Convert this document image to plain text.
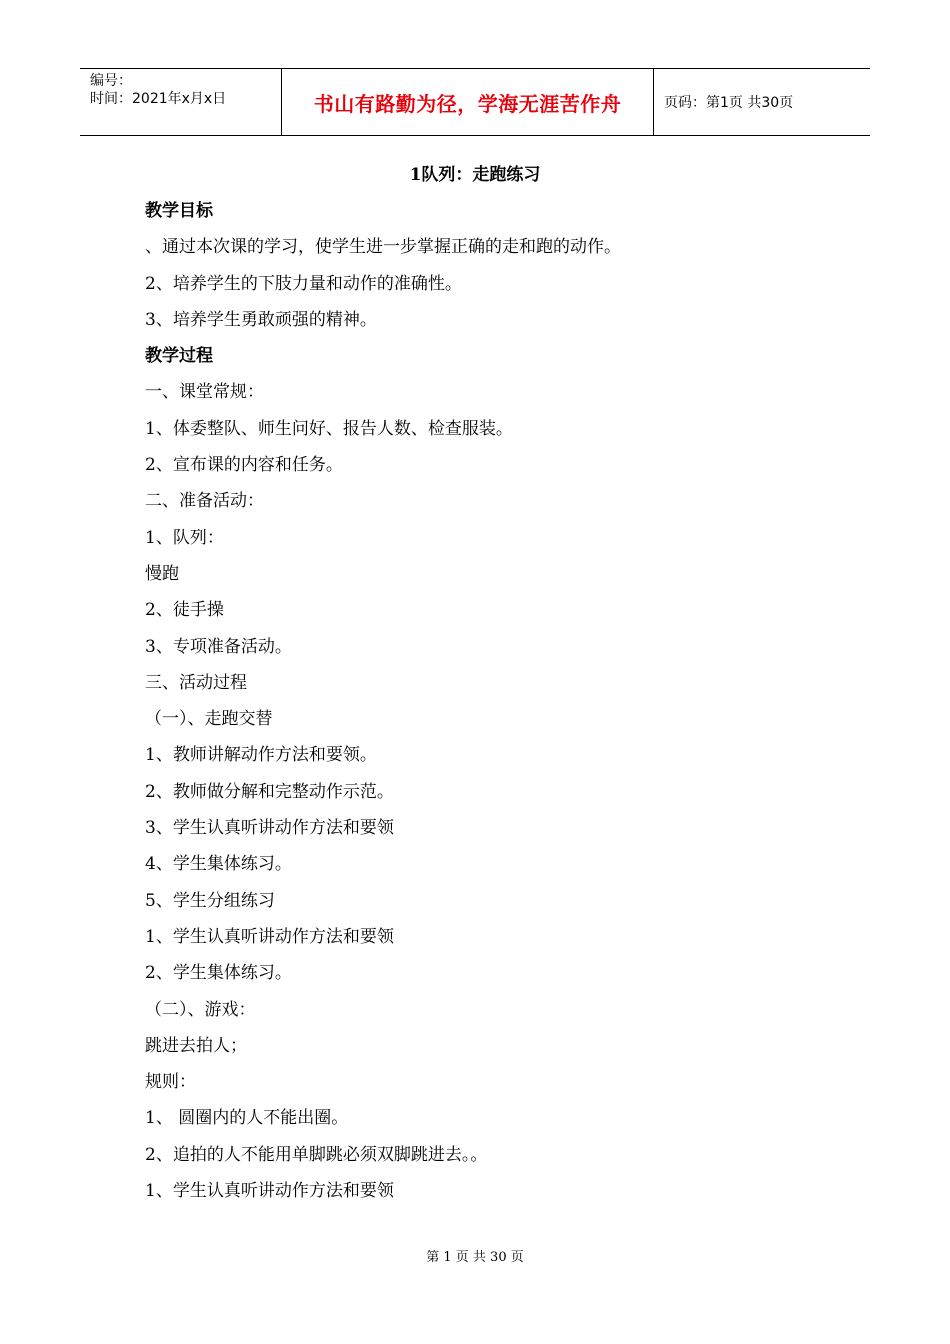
编号：
时间：2021年x月x日	书山有路勤为径，学海无涯苦作舟	页码：第1页 共30页
1队列：走跑练习
教学目标
、通过本次课的学习，使学生进一步掌握正确的走和跑的动作。
2、培养学生的下肢力量和动作的准确性。
3、培养学生勇敢顽强的精神。
教学过程
一、课堂常规：
1、体委整队、师生问好、报告人数、检查服装。
2、宣布课的内容和任务。
二、准备活动：
1、队列：
慢跑
2、徒手操
3、专项准备活动。
三、活动过程
（一）、走跑交替
1、教师讲解动作方法和要领。
2、教师做分解和完整动作示范。
3、学生认真听讲动作方法和要领
4、学生集体练习。
5、学生分组练习
1、学生认真听讲动作方法和要领
2、学生集体练习。
（二）、游戏：
跳进去拍人；
规则：
1、 圆圈内的人不能出圈。
2、追拍的人不能用单脚跳必须双脚跳进去。。
1、学生认真听讲动作方法和要领
第 1 页 共 30 页
